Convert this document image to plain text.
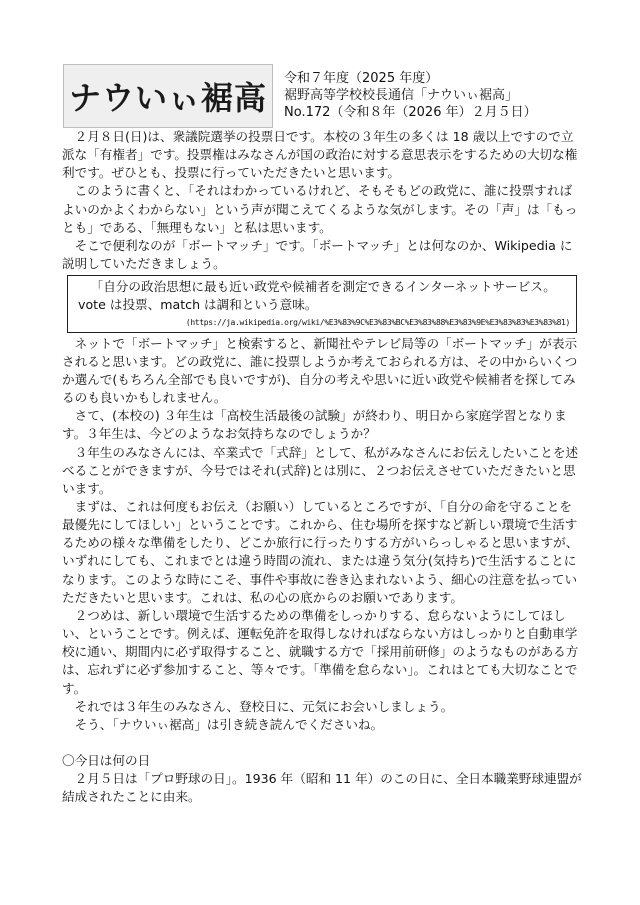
ナウいぃ裾高
令和７年度（2025 年度）
裾野高等学校校長通信「ナウいぃ裾高」
No.172（令和８年（2026 年）２月５日）

２月８日(日)は、衆議院選挙の投票日です。本校の３年生の多くは 18 歳以上ですので立派な「有権者」です。投票権はみなさんが国の政治に対する意思表示をするための大切な権利です。ぜひとも、投票に行っていただきたいと思います。

このように書くと、「それはわかっているけれど、そもそもどの政党に、誰に投票すればよいのかよくわからない」という声が聞こえてくるような気がします。その「声」は「もっとも」である、「無理もない」と私は思います。

そこで便利なのが「ボートマッチ」です。「ボートマッチ」とは何なのか、Wikipedia に説明していただきましょう。

「自分の政治思想に最も近い政党や候補者を測定できるインターネットサービス。vote は投票、match は調和という意味。

(https://ja.wikipedia.org/wiki/%E3%83%9C%E3%83%BC%E3%83%88%E3%83%9E%E3%83%83%E3%83%81)

ネットで「ボートマッチ」と検索すると、新聞社やテレビ局等の「ボートマッチ」が表示されると思います。どの政党に、誰に投票しようか考えておられる方は、その中からいくつか選んで(もちろん全部でも良いですが)、自分の考えや思いに近い政党や候補者を探してみるのも良いかもしれません。

さて、(本校の) ３年生は「高校生活最後の試験」が終わり、明日から家庭学習となります。３年生は、今どのようなお気持ちなのでしょうか？

３年生のみなさんには、卒業式で「式辞」として、私がみなさんにお伝えしたいことを述べることができますが、今号ではそれ(式辞)とは別に、２つお伝えさせていただきたいと思います。

まずは、これは何度もお伝え（お願い）しているところですが、「自分の命を守ることを最優先にしてほしい」ということです。これから、住む場所を探すなど新しい環境で生活するための様々な準備をしたり、どこか旅行に行ったりする方がいらっしゃると思いますが、いずれにしても、これまでとは違う時間の流れ、または違う気分(気持ち)で生活することになります。このような時にこそ、事件や事故に巻き込まれないよう、細心の注意を払っていただきたいと思います。これは、私の心の底からのお願いであります。

２つめは、新しい環境で生活するための準備をしっかりする、怠らないようにしてほしい、ということです。例えば、運転免許を取得しなければならない方はしっかりと自動車学校に通い、期間内に必ず取得すること、就職する方で「採用前研修」のようなものがある方は、忘れずに必ず参加すること、等々です。「準備を怠らない」。これはとても大切なことです。

それでは３年生のみなさん、登校日に、元気にお会いしましょう。

そう、「ナウいぃ裾高」は引き続き読んでくださいね。

〇今日は何の日

２月５日は「プロ野球の日」。1936 年（昭和 11 年）のこの日に、全日本職業野球連盟が結成されたことに由来。
